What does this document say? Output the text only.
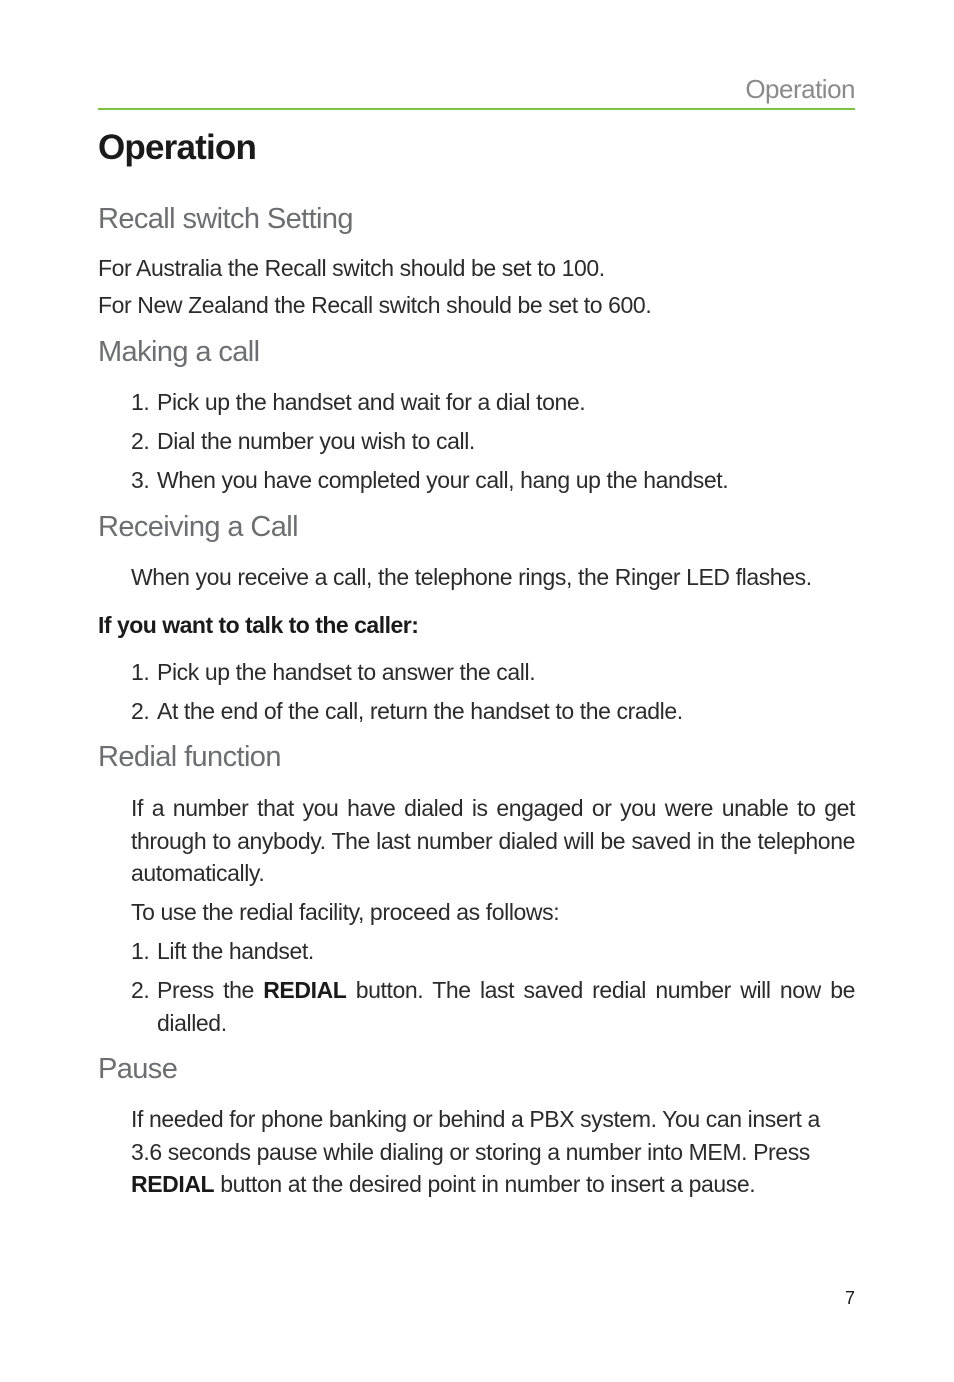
Operation
Operation
Recall switch Setting

For Australia the Recall switch should be set to 100.

For New Zealand the Recall switch should be set to 600.

Making a call

1. Pick up the handset and wait for a dial tone.

2. Dial the number you wish to call.

3. When you have completed your call, hang up the handset.

Receiving a Call

When you receive a call, the telephone rings, the Ringer LED flashes.

If you want to talk to the caller:

1. Pick up the handset to answer the call.

2. At the end of the call, return the handset to the cradle.

Redial function

If a number that you have dialed is engaged or you were unable to get through to anybody. The last number dialed will be saved in the telephone automatically.

To use the redial facility, proceed as follows:

1. Lift the handset.

2. Press the REDIAL button. The last saved redial number will now be dialled.
Pause

If needed for phone banking or behind a PBX system. You can insert a 3.6 seconds pause while dialing or storing a number into MEM. Press REDIAL button at the desired point in number to insert a pause.

7
